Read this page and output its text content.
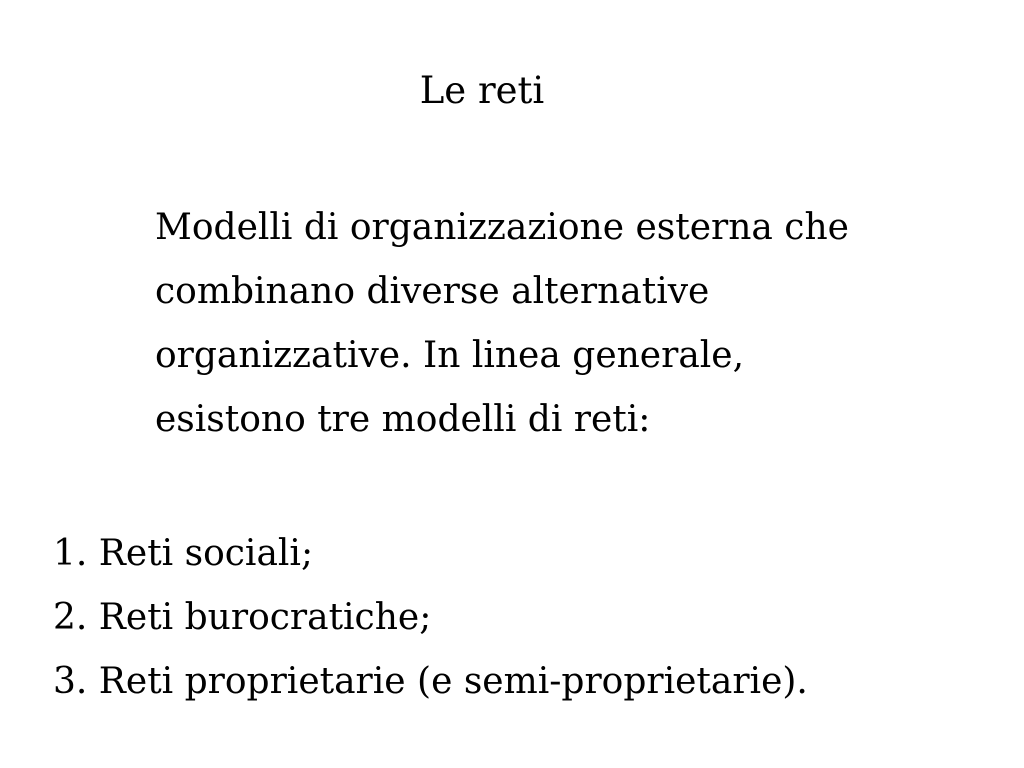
Le reti

Modelli di organizzazione esterna che
combinano diverse alternative
organizzative. In linea generale,
esistono tre modelli di reti:

1. Reti sociali;
2. Reti burocratiche;
3. Reti proprietarie (e semi-proprietarie).
